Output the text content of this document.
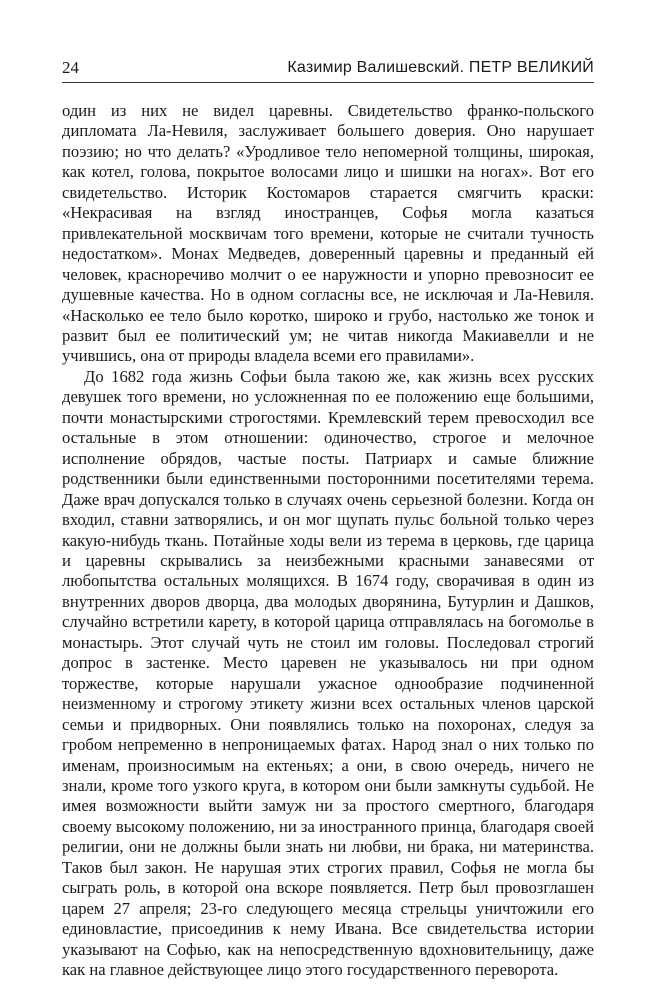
24	Казимир Валишевский. ПЕТР ВЕЛИКИЙ

один из них не видел царевны. Свидетельство франко-польского дипломата Ла-Невиля, заслуживает большего доверия. Оно нарушает поэзию; но что делать? «Уродливое тело непомерной толщины, широкая, как котел, голова, покрытое волосами лицо и шишки на ногах». Вот его свидетельство. Историк Костомаров старается смягчить краски: «Некрасивая на взгляд иностранцев, Софья могла казаться привлекательной москвичам того времени, которые не считали тучность недостатком». Монах Медведев, доверенный царевны и преданный ей человек, красноречиво молчит о ее наружности и упорно превозносит ее душевные качества. Но в одном согласны все, не исключая и Ла-Невиля. «Насколько ее тело было коротко, широко и грубо, настолько же тонок и развит был ее политический ум; не читав никогда Макиавелли и не учившись, она от природы владела всеми его правилами».

До 1682 года жизнь Софьи была такою же, как жизнь всех русских девушек того времени, но усложненная по ее положению еще большими, почти монастырскими строгостями. Кремлевский терем превосходил все остальные в этом отношении: одиночество, строгое и мелочное исполнение обрядов, частые посты. Патриарх и самые ближние родственники были единственными посторонними посетителями терема. Даже врач допускался только в случаях очень серьезной болезни. Когда он входил, ставни затворялись, и он мог щупать пульс больной только через какую-нибудь ткань. Потайные ходы вели из терема в церковь, где царица и царевны скрывались за неизбежными красными занавесями от любопытства остальных молящихся. В 1674 году, сворачивая в один из внутренних дворов дворца, два молодых дворянина, Бутурлин и Дашков, случайно встретили карету, в которой царица отправлялась на богомолье в монастырь. Этот случай чуть не стоил им головы. Последовал строгий допрос в застенке. Место царевен не указывалось ни при одном торжестве, которые нарушали ужасное однообразие подчиненной неизменному и строгому этикету жизни всех остальных членов царской семьи и придворных. Они появлялись только на похоронах, следуя за гробом непременно в непроницаемых фатах. Народ знал о них только по именам, произносимым на ектеньях; а они, в свою очередь, ничего не знали, кроме того узкого круга, в котором они были замкнуты судьбой. Не имея возможности выйти замуж ни за простого смертного, благодаря своему высокому положению, ни за иностранного принца, благодаря своей религии, они не должны были знать ни любви, ни брака, ни материнства. Таков был закон. Не нарушая этих строгих правил, Софья не могла бы сыграть роль, в которой она вскоре появляется. Петр был провозглашен царем 27 апреля; 23-го следующего месяца стрельцы уничтожили его единовластие, присоединив к нему Ивана. Все свидетельства истории указывают на Софью, как на непосредственную вдохновительницу, даже как на главное действующее лицо этого государственного переворота.
